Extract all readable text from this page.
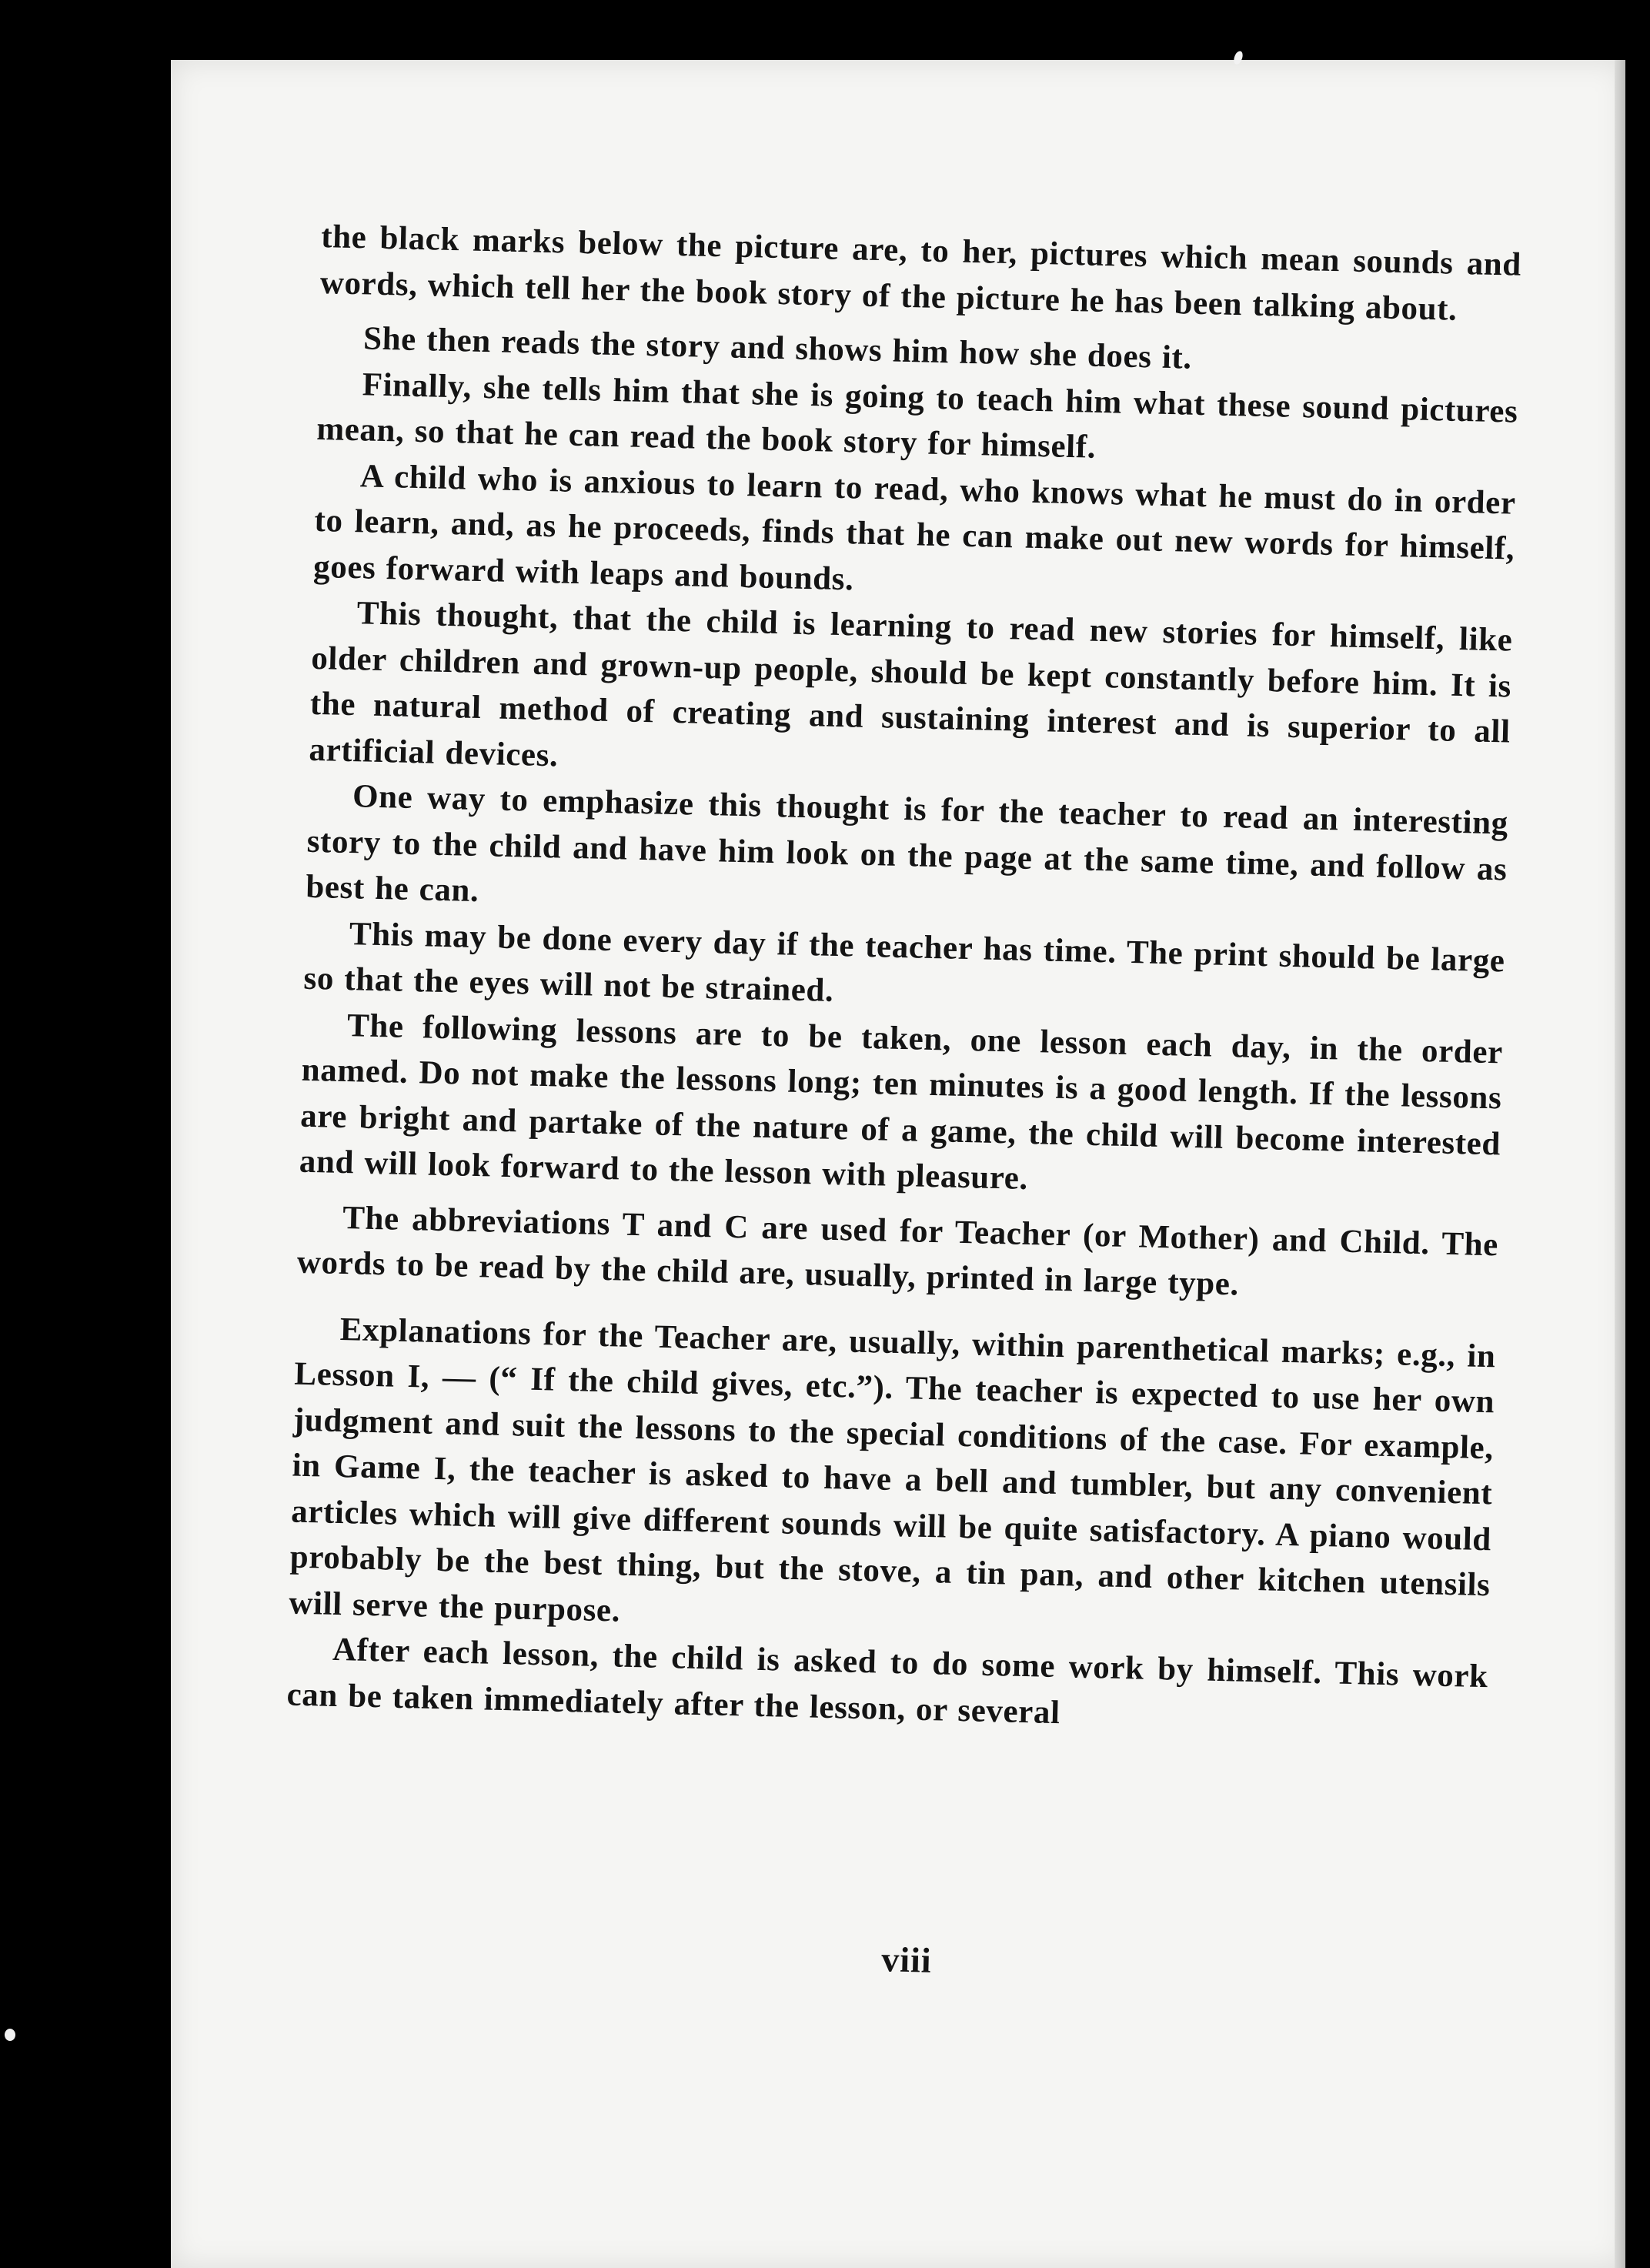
the black marks below the picture are, to her, pictures which mean sounds and words, which tell her the book story of the picture he has been talking about.

She then reads the story and shows him how she does it.

Finally, she tells him that she is going to teach him what these sound pictures mean, so that he can read the book story for himself.

A child who is anxious to learn to read, who knows what he must do in order to learn, and, as he proceeds, finds that he can make out new words for himself, goes forward with leaps and bounds.

This thought, that the child is learning to read new stories for himself, like older children and grown-up people, should be kept constantly before him. It is the natural method of creating and sustaining interest and is superior to all artificial devices.

One way to emphasize this thought is for the teacher to read an interesting story to the child and have him look on the page at the same time, and follow as best he can.

This may be done every day if the teacher has time. The print should be large so that the eyes will not be strained.

The following lessons are to be taken, one lesson each day, in the order named. Do not make the lessons long; ten minutes is a good length. If the lessons are bright and partake of the nature of a game, the child will become interested and will look forward to the lesson with pleasure.

The abbreviations T and C are used for Teacher (or Mother) and Child. The words to be read by the child are, usually, printed in large type.

Explanations for the Teacher are, usually, within parenthetical marks; e.g., in Lesson I, — (“ If the child gives, etc.”). The teacher is expected to use her own judgment and suit the lessons to the special conditions of the case. For example, in Game I, the teacher is asked to have a bell and tumbler, but any convenient articles which will give different sounds will be quite satisfactory. A piano would probably be the best thing, but the stove, a tin pan, and other kitchen utensils will serve the purpose.

After each lesson, the child is asked to do some work by himself. This work can be taken immediately after the lesson, or several

viii
